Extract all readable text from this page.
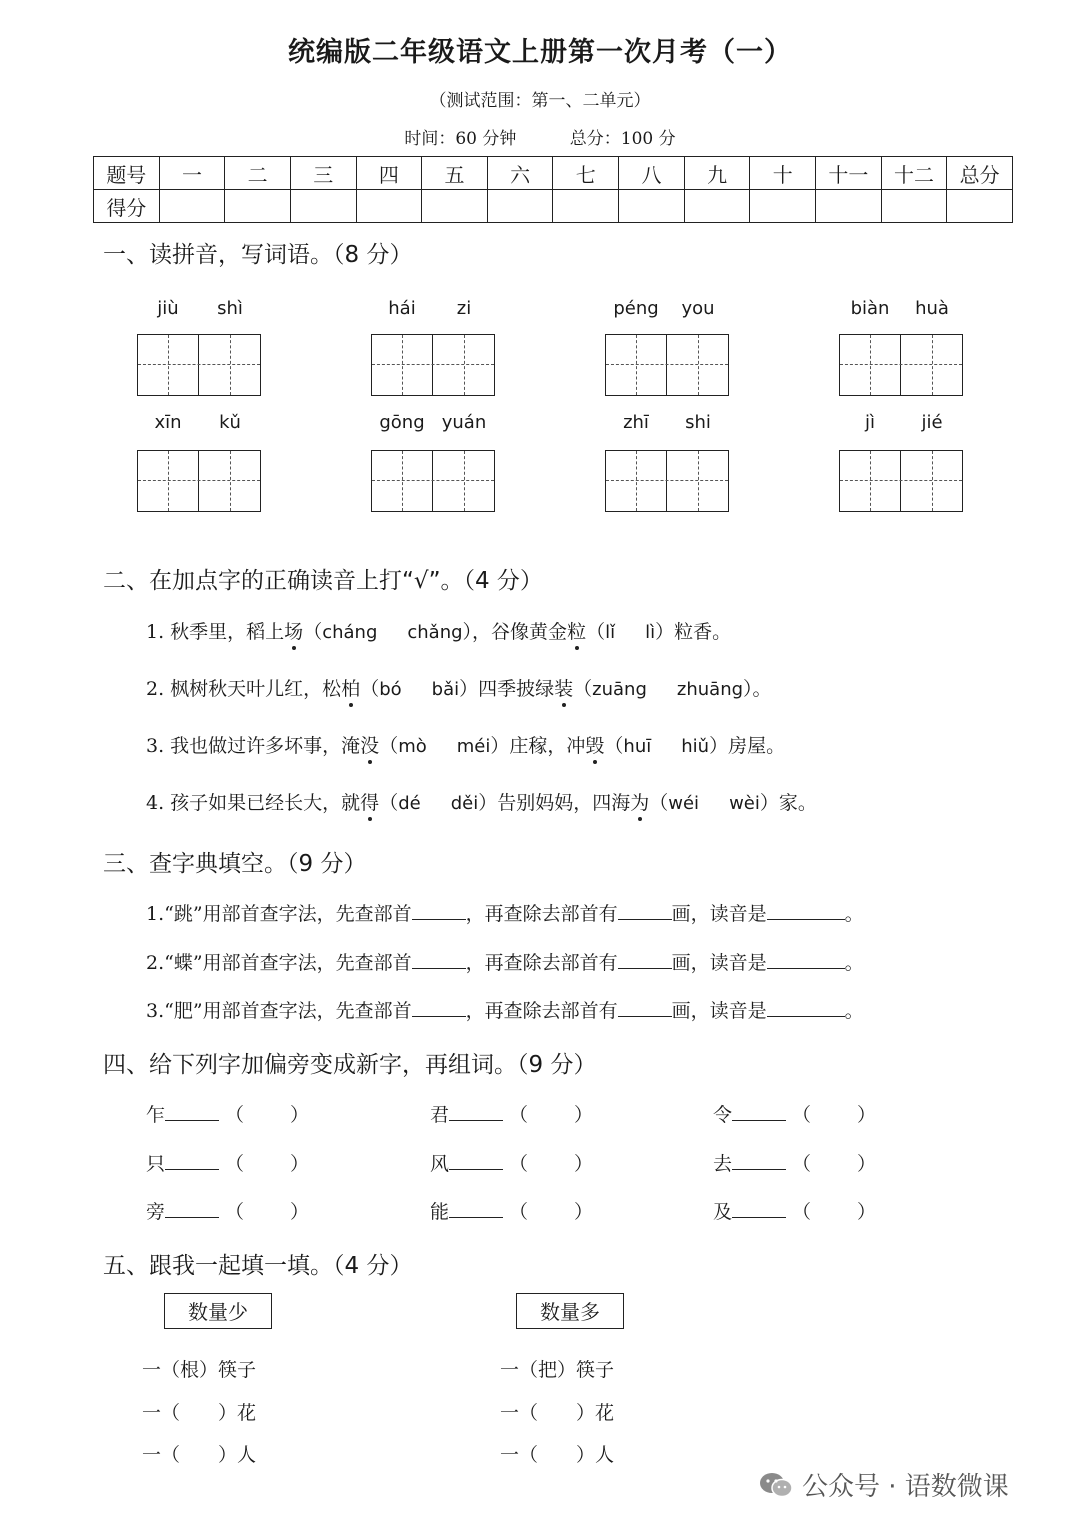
统编版二年级语文上册第一次月考（一）
（测试范围：第一、二单元）
时间：60 分钟	总分：100 分
题号	一	二	三	四	五	六	七	八	九	十	十一	十二	总分
得分													
一、读拼音，写词语。（8 分）
jiù	shì	hái	zi	péng	you	biàn	huà
xīn	kǔ	gōng yuán	zhī	shi	jì	jié
二、在加点字的正确读音上打“√”。（4 分）
1. 秋季里，稻上场（cháng chǎng），谷像黄金粒（lǐ lì）粒香。
2. 枫树秋天叶儿红，松柏（bó bǎi）四季披绿装（zuāng zhuāng）。
3. 我也做过许多坏事，淹没（mò méi）庄稼，冲毁（huī hiǔ）房屋。
4. 孩子如果已经长大，就得（dé děi）告别妈妈，四海为（wéi wèi）家。
三、查字典填空。（9 分）
1.“跳”用部首查字法，先查部首	，再查除去部首有	画，读音是	。
2.“蝶”用部首查字法，先查部首	，再查除去部首有	画，读音是	。
3.“肥”用部首查字法，先查部首	，再查除去部首有	画，读音是	。
四、给下列字加偏旁变成新字，再组词。（9 分）
乍	（ ）	君	（ ）	令	（ ）
只	（ ）	风	（ ）	去	（ ）
旁	（ ）	能	（ ）	及	（ ）
五、跟我一起填一填。（4 分）
数量少	数量多
一（根）筷子
一（　　）花
一（　　）人
一（把）筷子
一（　　）花
一（　　）人
公众号 · 语数微课
